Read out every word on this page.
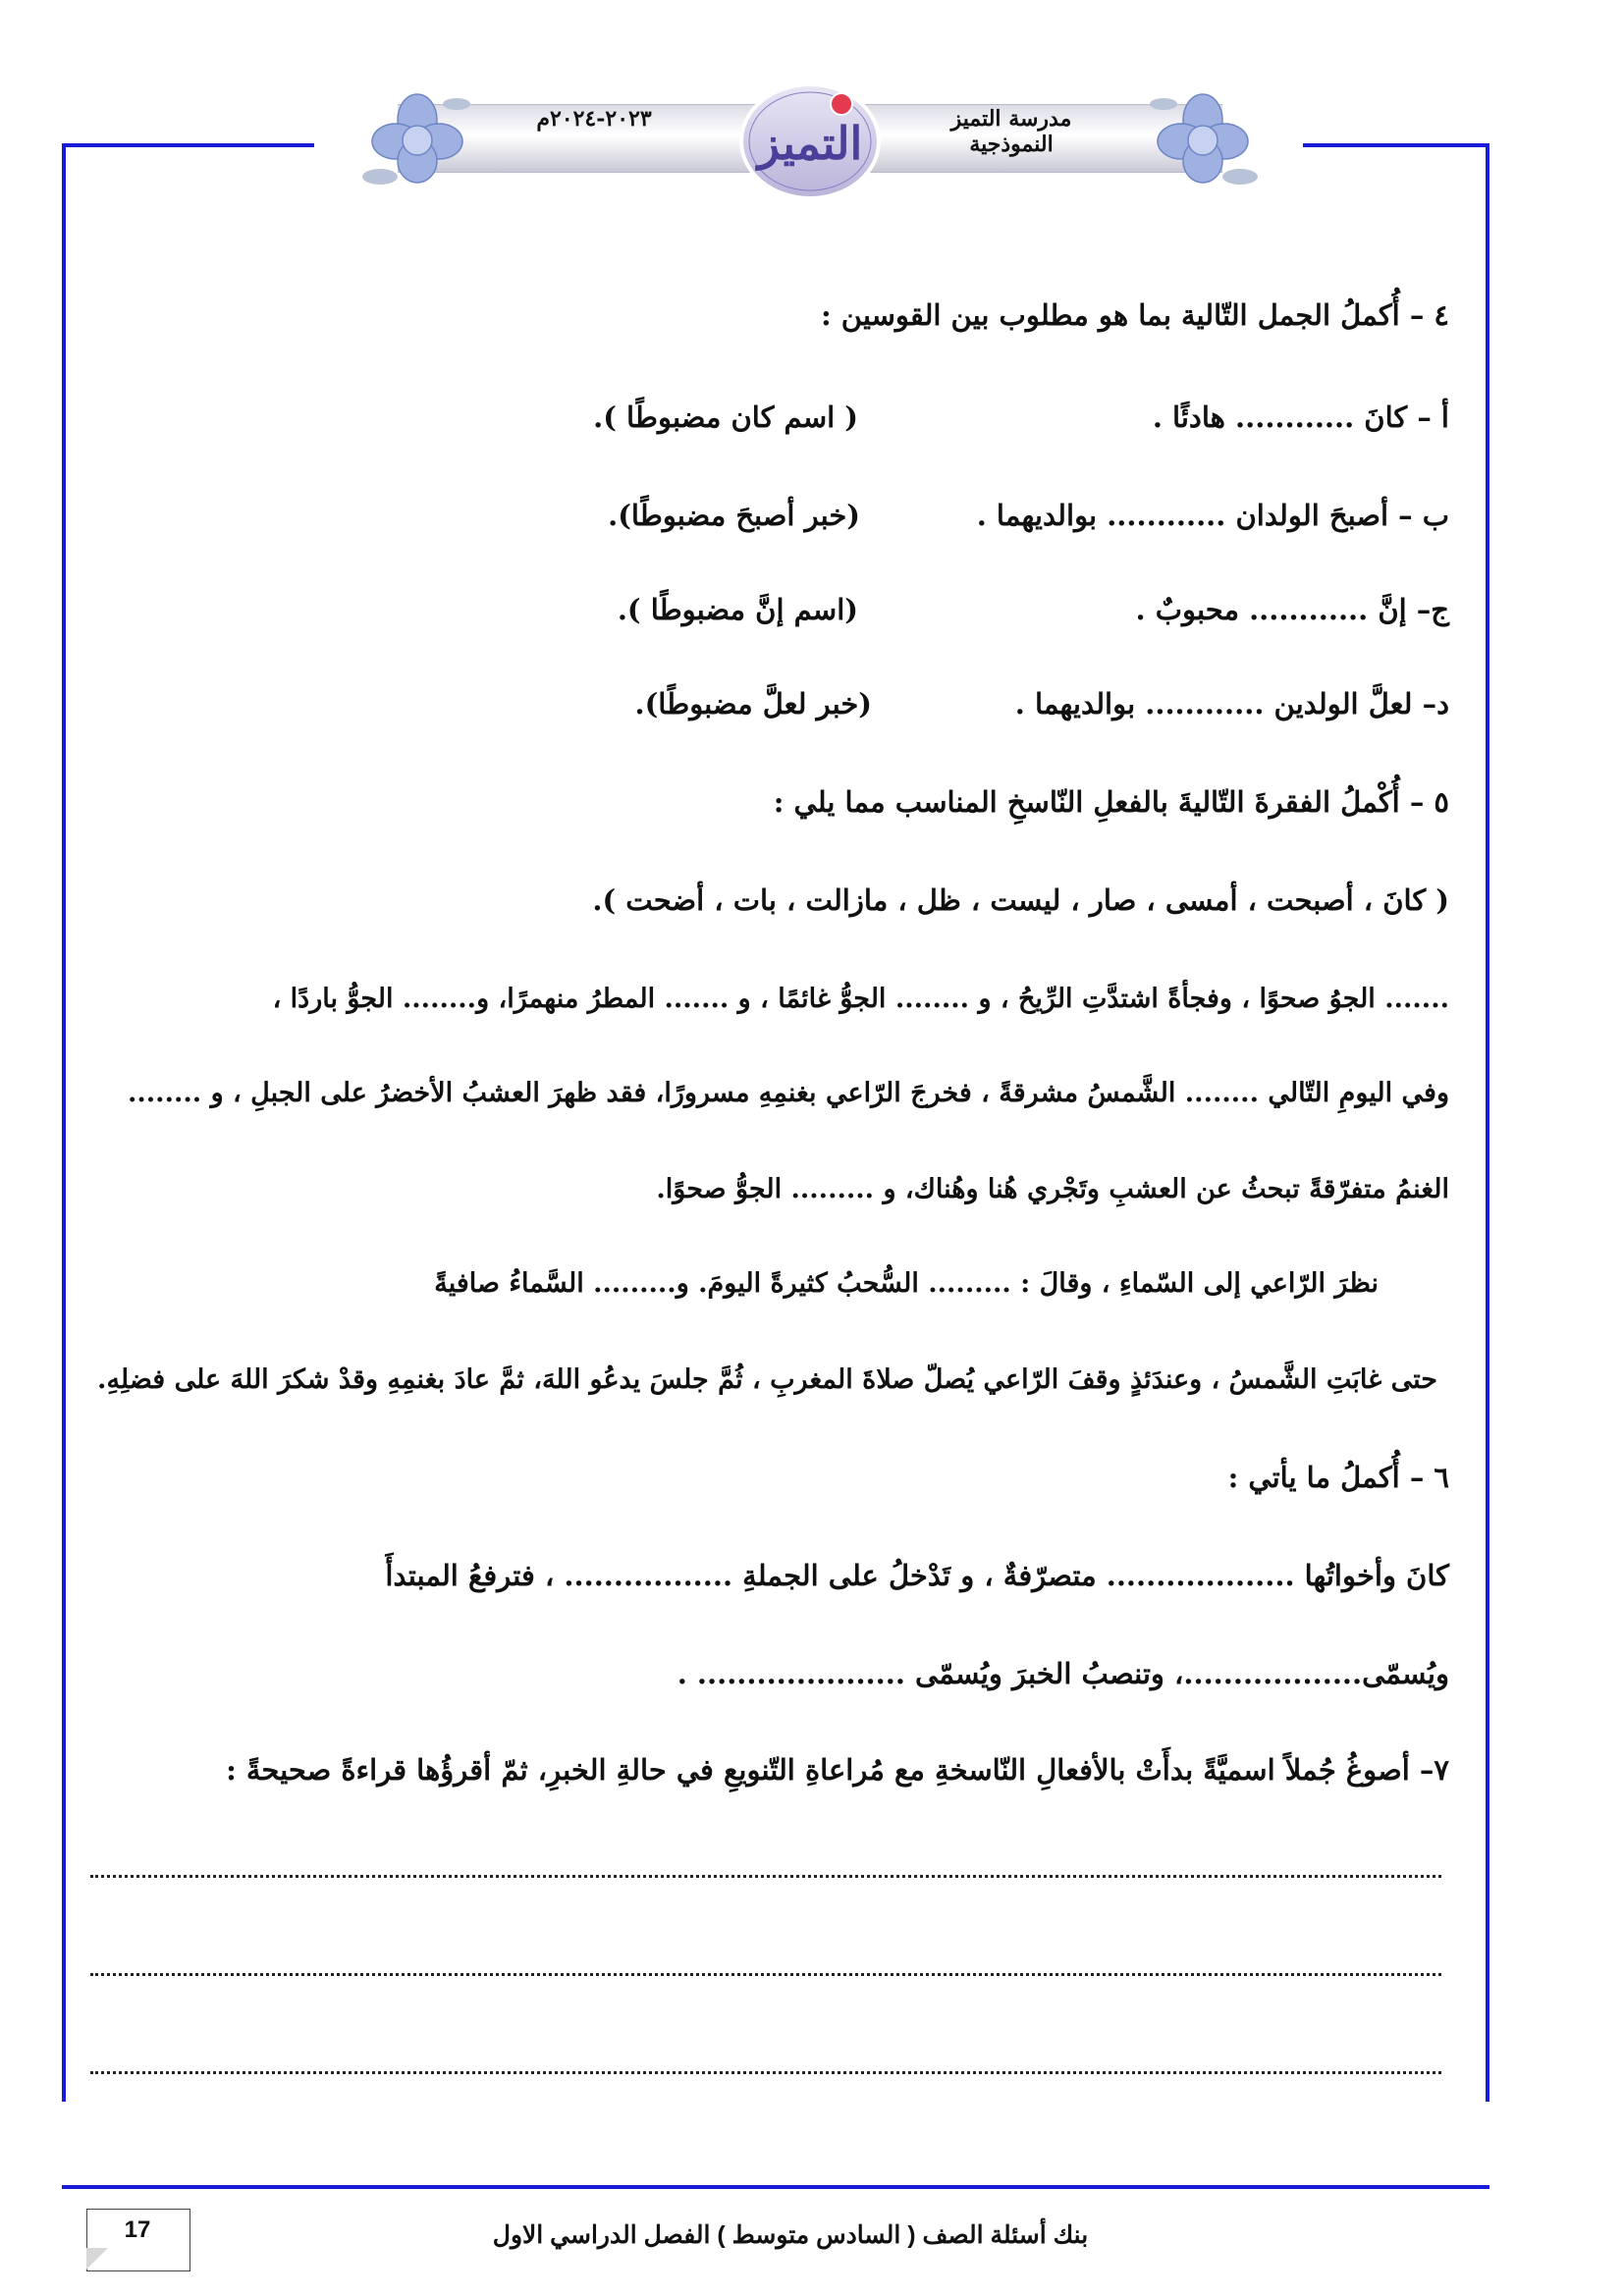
التميز	مدرسة التميز النموذجية
٢٠٢٣-٢٠٢٤م
٤ – أُكملُ الجمل التّالية بما هو مطلوب بين القوسين :
أ – كانَ ............ هادئًا .
( اسم كان مضبوطًا ).
ب – أصبحَ الولدان ............ بوالديهما .
(خبر أصبحَ مضبوطًا).
ج– إنَّ ............ محبوبٌ .
(اسم إنَّ مضبوطًا ).
د– لعلَّ الولدين ............ بوالديهما .
(خبر لعلَّ مضبوطًا).
٥ – أُكْملُ الفقرةَ التّاليةَ بالفعلِ النّاسخِ المناسب مما يلي :
( كانَ ، أصبحت ، أمسى ، صار ، ليست ، ظل ، مازالت ، بات ، أضحت ).
....... الجوُ صحوًا ، وفجأةً اشتدَّتِ الرِّيحُ ، و ........ الجوُّ غائمًا ، و ....... المطرُ منهمرًا، و........ الجوُّ باردًا ،
وفي اليومِ التّالي ........ الشَّمسُ مشرقةً ، فخرجَ الرّاعي بغنمِهِ مسرورًا، فقد ظهرَ العشبُ الأخضرُ على الجبلِ ، و ........
الغنمُ متفرّقةً تبحثُ عن العشبِ وتَجْري هُنا وهُناك، و ......... الجوُّ صحوًا.
نظرَ الرّاعي إلى السّماءِ ، وقالَ : ......... السُّحبُ كثيرةً اليومَ. و......... السَّماءُ صافيةً
حتى غابَتِ الشَّمسُ ، وعندَئذٍ وقفَ الرّاعي يُصلّ صلاةَ المغربِ ، ثُمَّ جلسَ يدعُو اللهَ، ثمَّ عادَ بغنمِهِ وقدْ شكرَ اللهَ على فضلِهِ.
٦ – أُكملُ ما يأتي :
كانَ وأخواتُها ................... متصرّفةٌ ، و تَدْخلُ على الجملةِ ................. ، فترفعُ المبتدأَ
ويُسمّى..................، وتنصبُ الخبرَ ويُسمّى ..................... .
٧– أصوغُ جُملاً اسميَّةً بدأَتْ بالأفعالِ النّاسخةِ مع مُراعاةِ التّنويعِ في حالةِ الخبرِ، ثمّ أقرؤُها قراءةً صحيحةً :
17	بنك أسئلة الصف ( السادس متوسط ) الفصل الدراسي الاول
